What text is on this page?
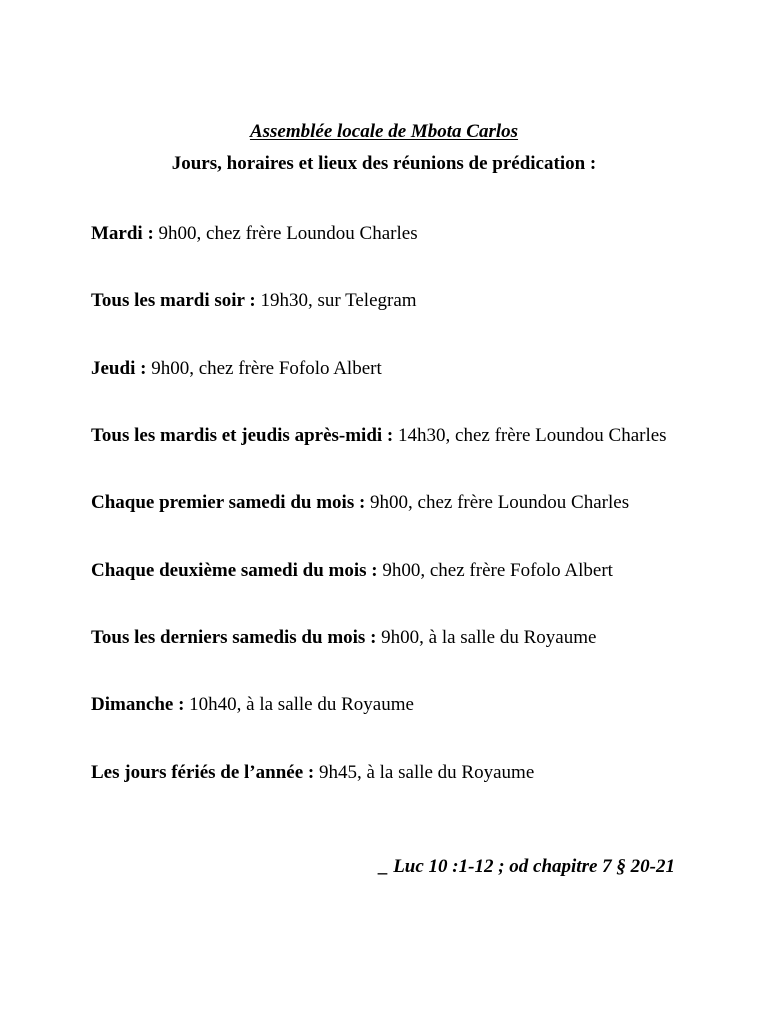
Assemblée locale de Mbota Carlos
Jours, horaires et lieux des réunions de prédication :
Mardi : 9h00, chez frère Loundou Charles
Tous les mardi soir : 19h30, sur Telegram
Jeudi : 9h00, chez frère Fofolo Albert
Tous les mardis et jeudis après-midi : 14h30, chez frère Loundou Charles
Chaque premier samedi du mois : 9h00, chez frère Loundou Charles
Chaque deuxième samedi du mois : 9h00, chez frère Fofolo Albert
Tous les derniers samedis du mois : 9h00, à la salle du Royaume
Dimanche : 10h40, à la salle du Royaume
Les jours fériés de l’année : 9h45, à la salle du Royaume
_ Luc 10 :1-12 ; od chapitre 7 § 20-21
